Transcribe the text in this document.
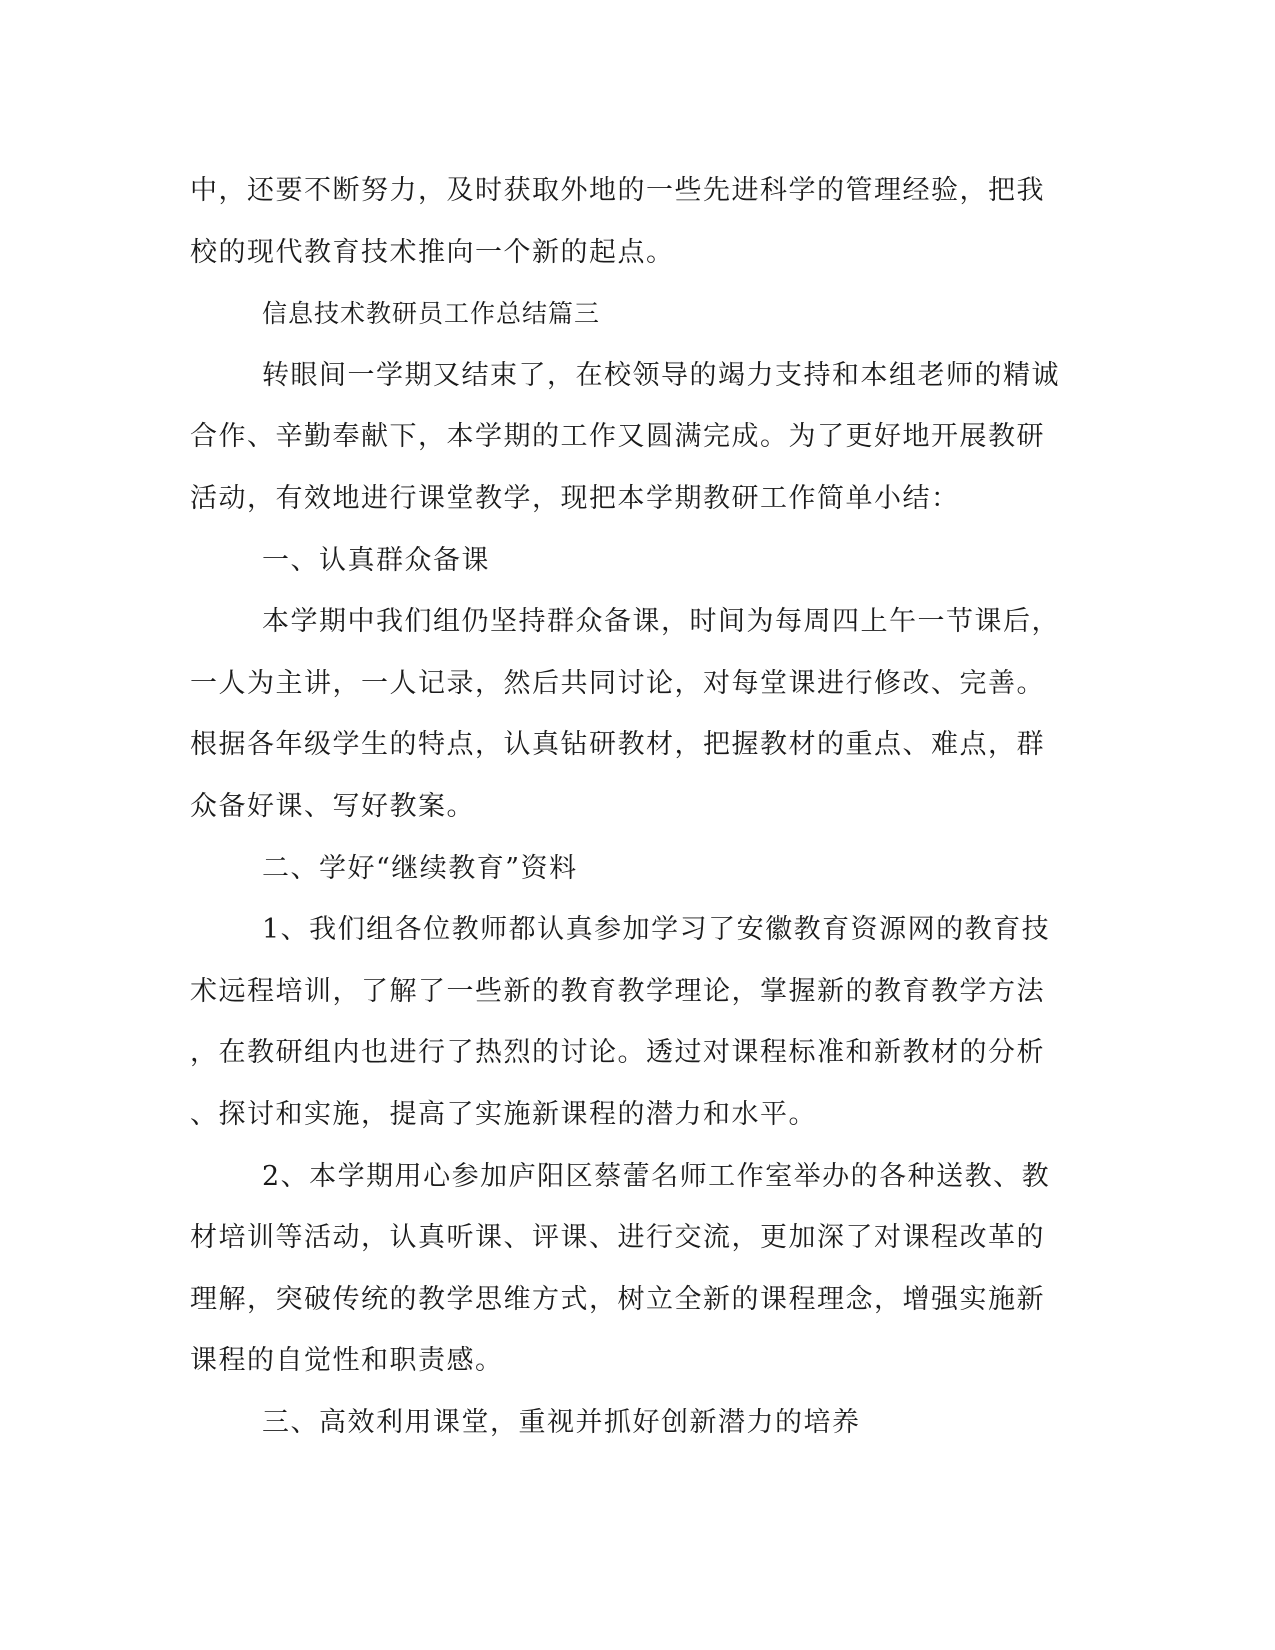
中，还要不断努力，及时获取外地的一些先进科学的管理经验，把我
校的现代教育技术推向一个新的起点。
信息技术教研员工作总结篇三
转眼间一学期又结束了，在校领导的竭力支持和本组老师的精诚
合作、辛勤奉献下，本学期的工作又圆满完成。为了更好地开展教研
活动，有效地进行课堂教学，现把本学期教研工作简单小结：
一、认真群众备课
本学期中我们组仍坚持群众备课，时间为每周四上午一节课后，
一人为主讲，一人记录，然后共同讨论，对每堂课进行修改、完善。
根据各年级学生的特点，认真钻研教材，把握教材的重点、难点，群
众备好课、写好教案。
二、学好“继续教育”资料
1、我们组各位教师都认真参加学习了安徽教育资源网的教育技
术远程培训，了解了一些新的教育教学理论，掌握新的教育教学方法
，在教研组内也进行了热烈的讨论。透过对课程标准和新教材的分析
、探讨和实施，提高了实施新课程的潜力和水平。
2、本学期用心参加庐阳区蔡蕾名师工作室举办的各种送教、教
材培训等活动，认真听课、评课、进行交流，更加深了对课程改革的
理解，突破传统的教学思维方式，树立全新的课程理念，增强实施新
课程的自觉性和职责感。
三、高效利用课堂，重视并抓好创新潜力的培养
